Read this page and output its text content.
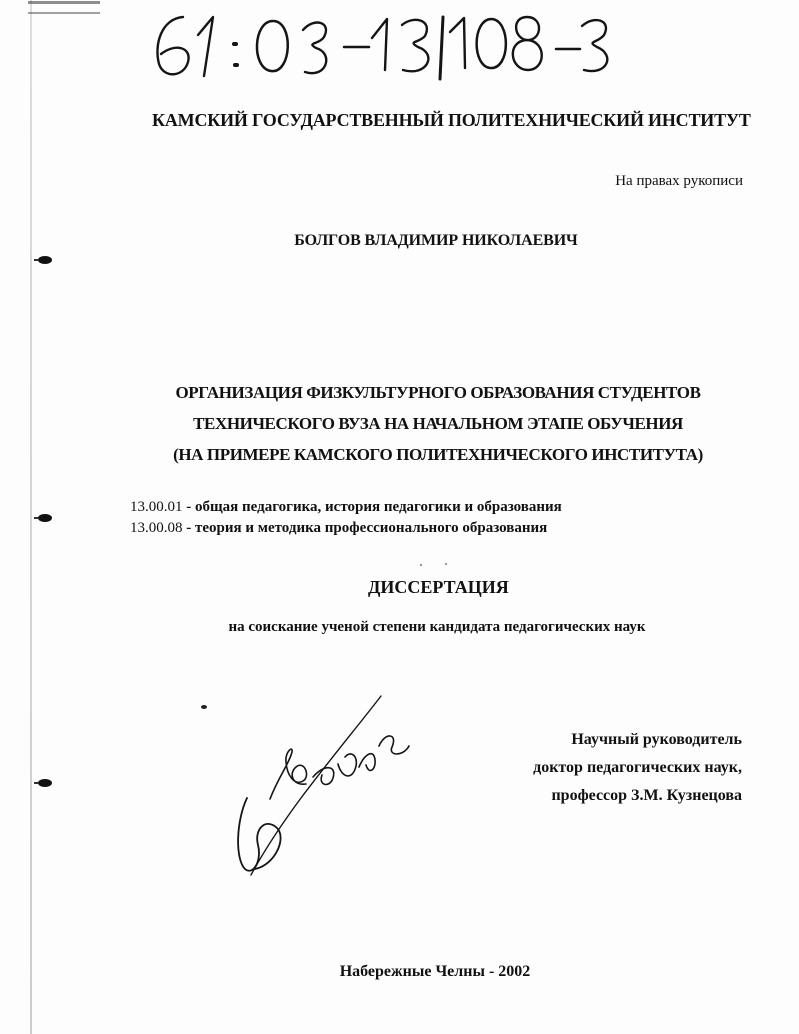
КАМСКИЙ ГОСУДАРСТВЕННЫЙ ПОЛИТЕХНИЧЕСКИЙ ИНСТИТУТ

На правах рукописи

БОЛГОВ ВЛАДИМИР НИКОЛАЕВИЧ

ОРГАНИЗАЦИЯ ФИЗКУЛЬТУРНОГО ОБРАЗОВАНИЯ СТУДЕНТОВ
ТЕХНИЧЕСКОГО ВУЗА НА НАЧАЛЬНОМ ЭТАПЕ ОБУЧЕНИЯ
(НА ПРИМЕРЕ КАМСКОГО ПОЛИТЕХНИЧЕСКОГО ИНСТИТУТА)
13.00.01 - общая педагогика, история педагогики и образования
13.00.08 - теория и методика профессионального образования

ДИССЕРТАЦИЯ

на соискание ученой степени кандидата педагогических наук

Научный руководитель
доктор педагогических наук,
профессор З.М. Кузнецова

Набережные Челны - 2002
